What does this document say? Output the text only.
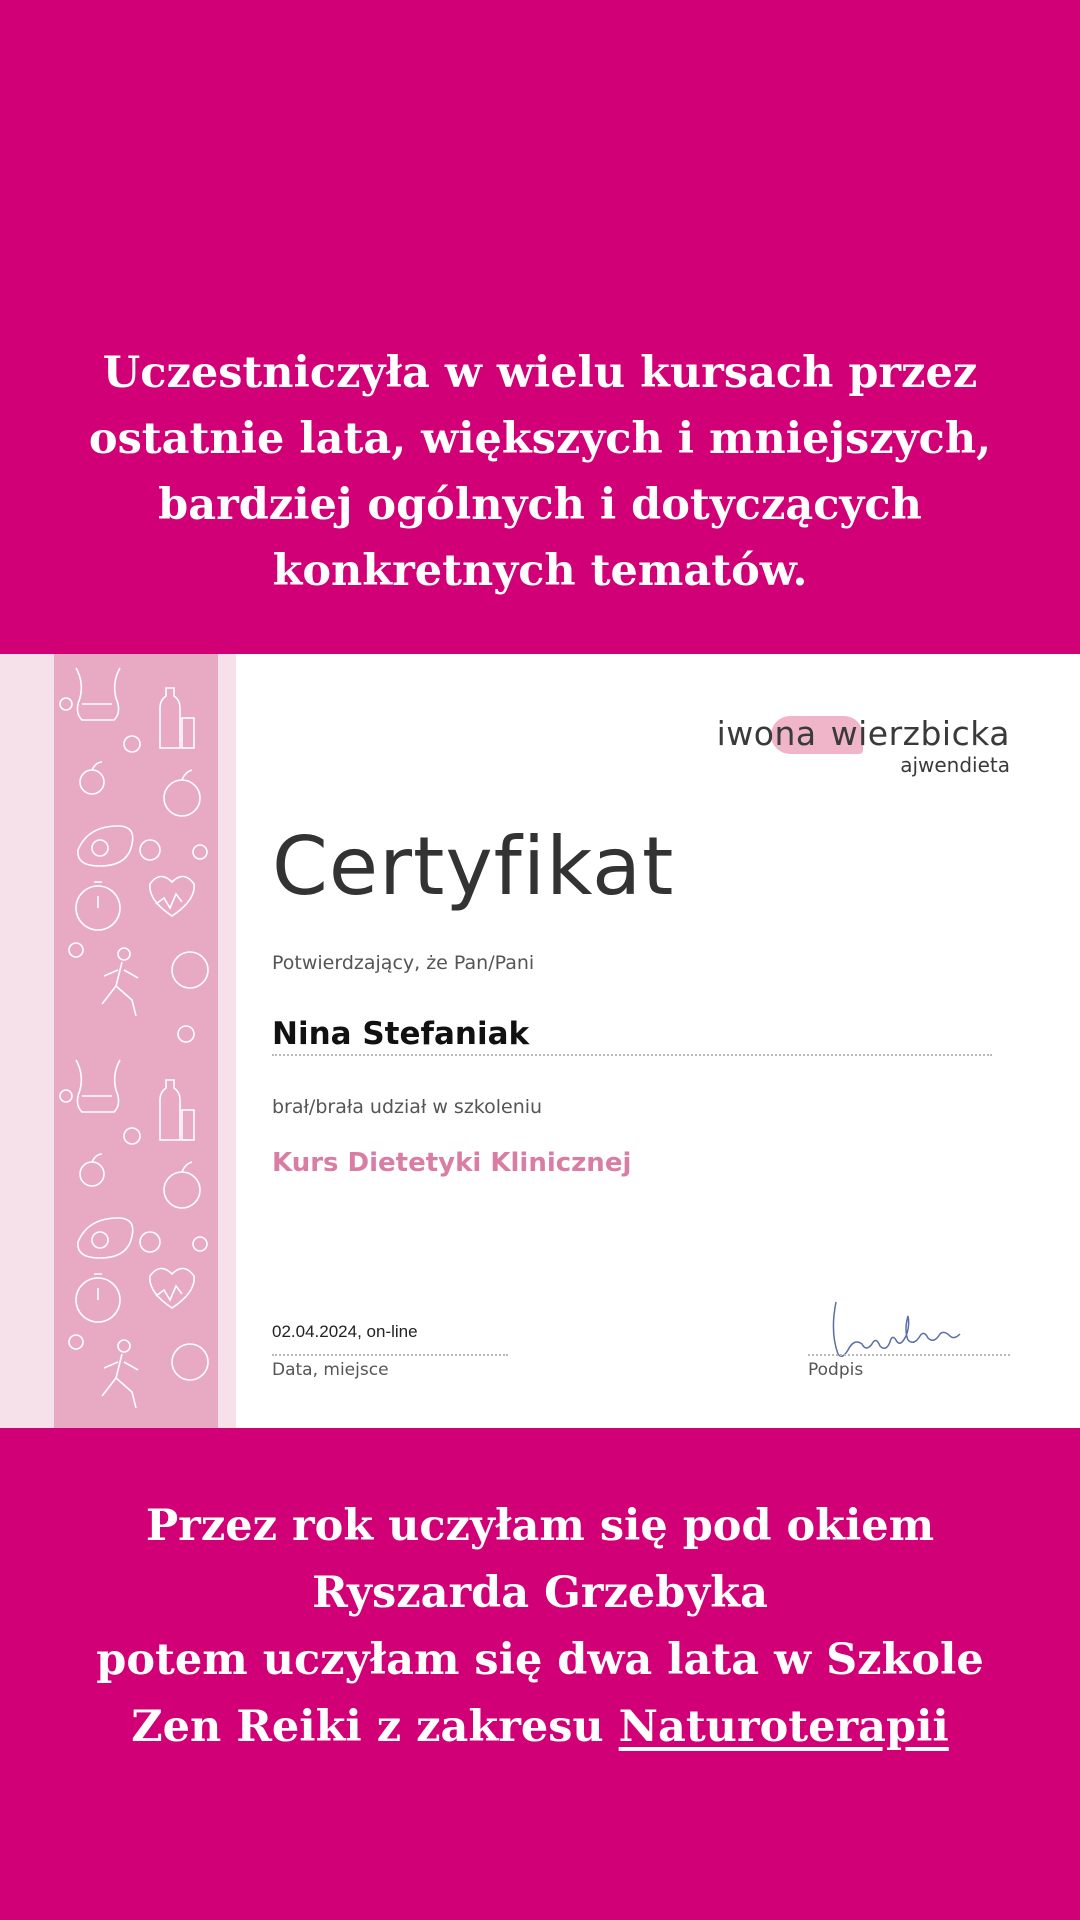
Uczestniczyła w wielu kursach przez
ostatnie lata, większych i mniejszych,
bardziej ogólnych i dotyczących
konkretnych tematów.
iwona wierzbicka
ajwendieta
Certyfikat
Potwierdzający, że Pan/Pani
Nina Stefaniak
brał/brała udział w szkoleniu
Kurs Dietetyki Klinicznej
02.04.2024, on-line
Data, miejsce	Podpis
Przez rok uczyłam się pod okiem
Ryszarda Grzebyka
potem uczyłam się dwa lata w Szkole
Zen Reiki z zakresu Naturoterapii
